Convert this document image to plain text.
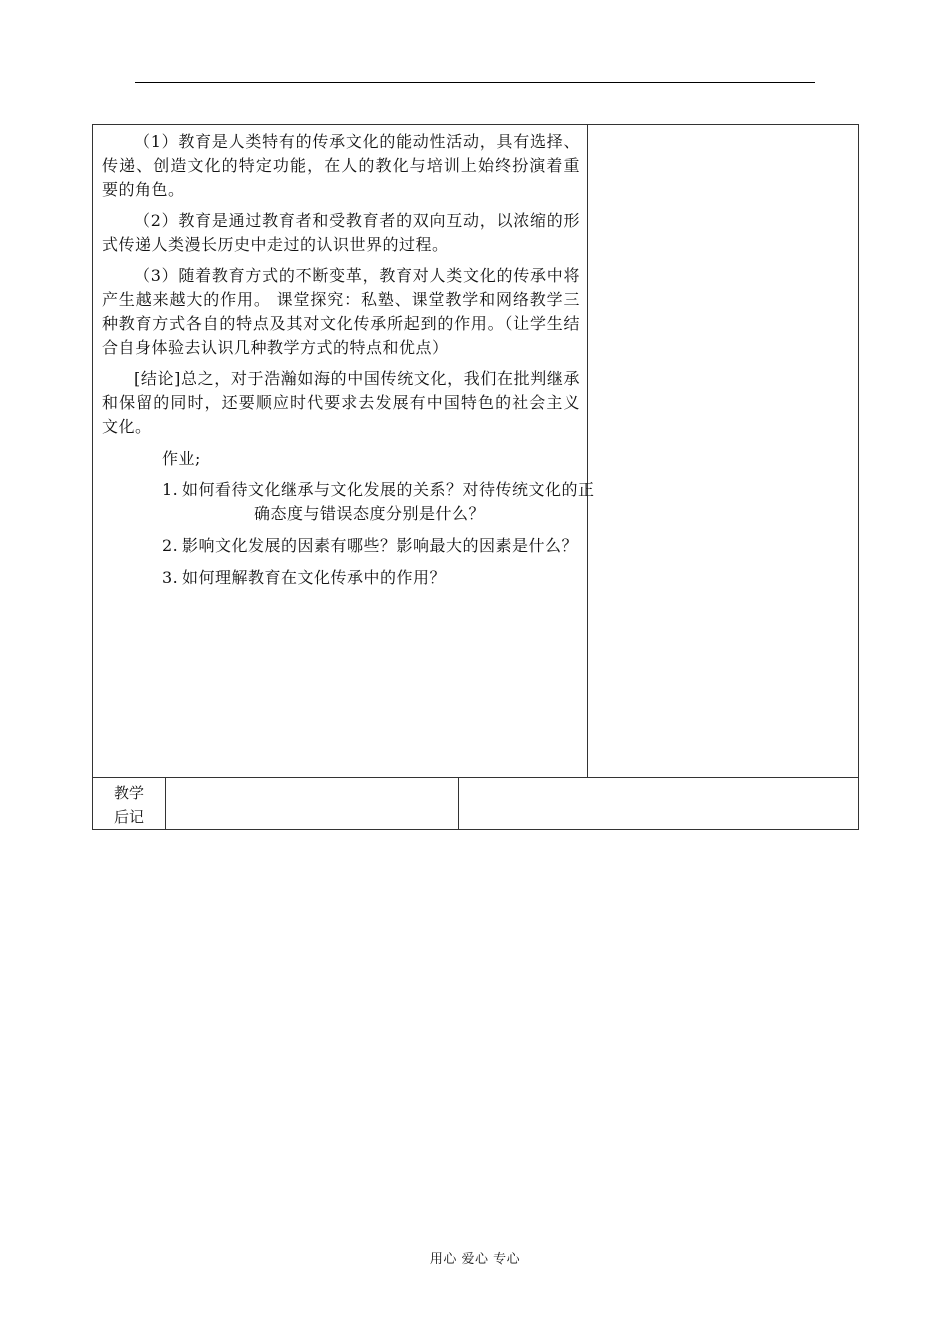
（1）教育是人类特有的传承文化的能动性活动，具有选择、传递、创造文化的特定功能，在人的教化与培训上始终扮演着重要的角色。

（2）教育是通过教育者和受教育者的双向互动，以浓缩的形式传递人类漫长历史中走过的认识世界的过程。

（3）随着教育方式的不断变革，教育对人类文化的传承中将产生越来越大的作用。 课堂探究：私塾、课堂教学和网络教学三种教育方式各自的特点及其对文化传承所起到的作用。（让学生结合自身体验去认识几种教学方式的特点和优点）

[结论]总之，对于浩瀚如海的中国传统文化，我们在批判继承和保留的同时，还要顺应时代要求去发展有中国特色的社会主义文化。

作业;
1. 如何看待文化继承与文化发展的关系？对待传统文化的正确态度与错误态度分别是什么？
2. 影响文化发展的因素有哪些？影响最大的因素是什么？
3. 如何理解教育在文化传承中的作用？
教学
后记
用心 爱心 专心
